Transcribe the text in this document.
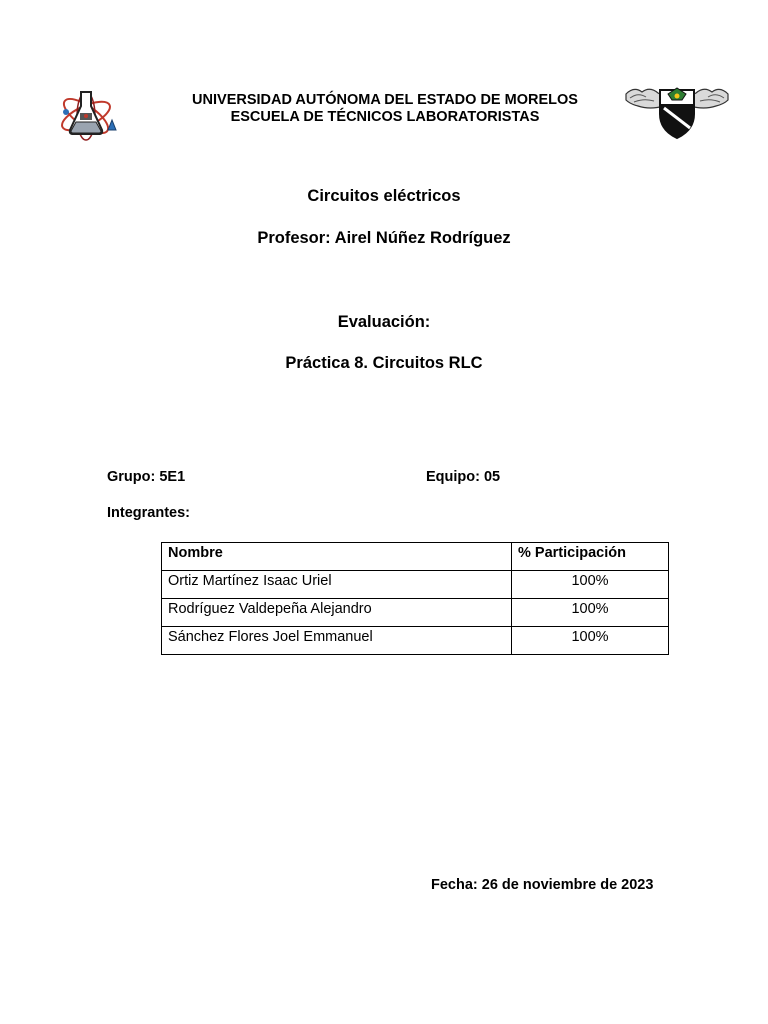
UNIVERSIDAD AUTÓNOMA DEL ESTADO DE MORELOS
ESCUELA DE TÉCNICOS LABORATORISTAS
Circuitos eléctricos
Profesor: Airel Núñez Rodríguez
Evaluación:
Práctica 8. Circuitos RLC
Grupo: 5E1	Equipo: 05
Integrantes:
Nombre	% Participación
Ortiz Martínez Isaac Uriel	100%
Rodríguez Valdepeña Alejandro	100%
Sánchez Flores Joel Emmanuel	100%
Fecha: 26 de noviembre de 2023
